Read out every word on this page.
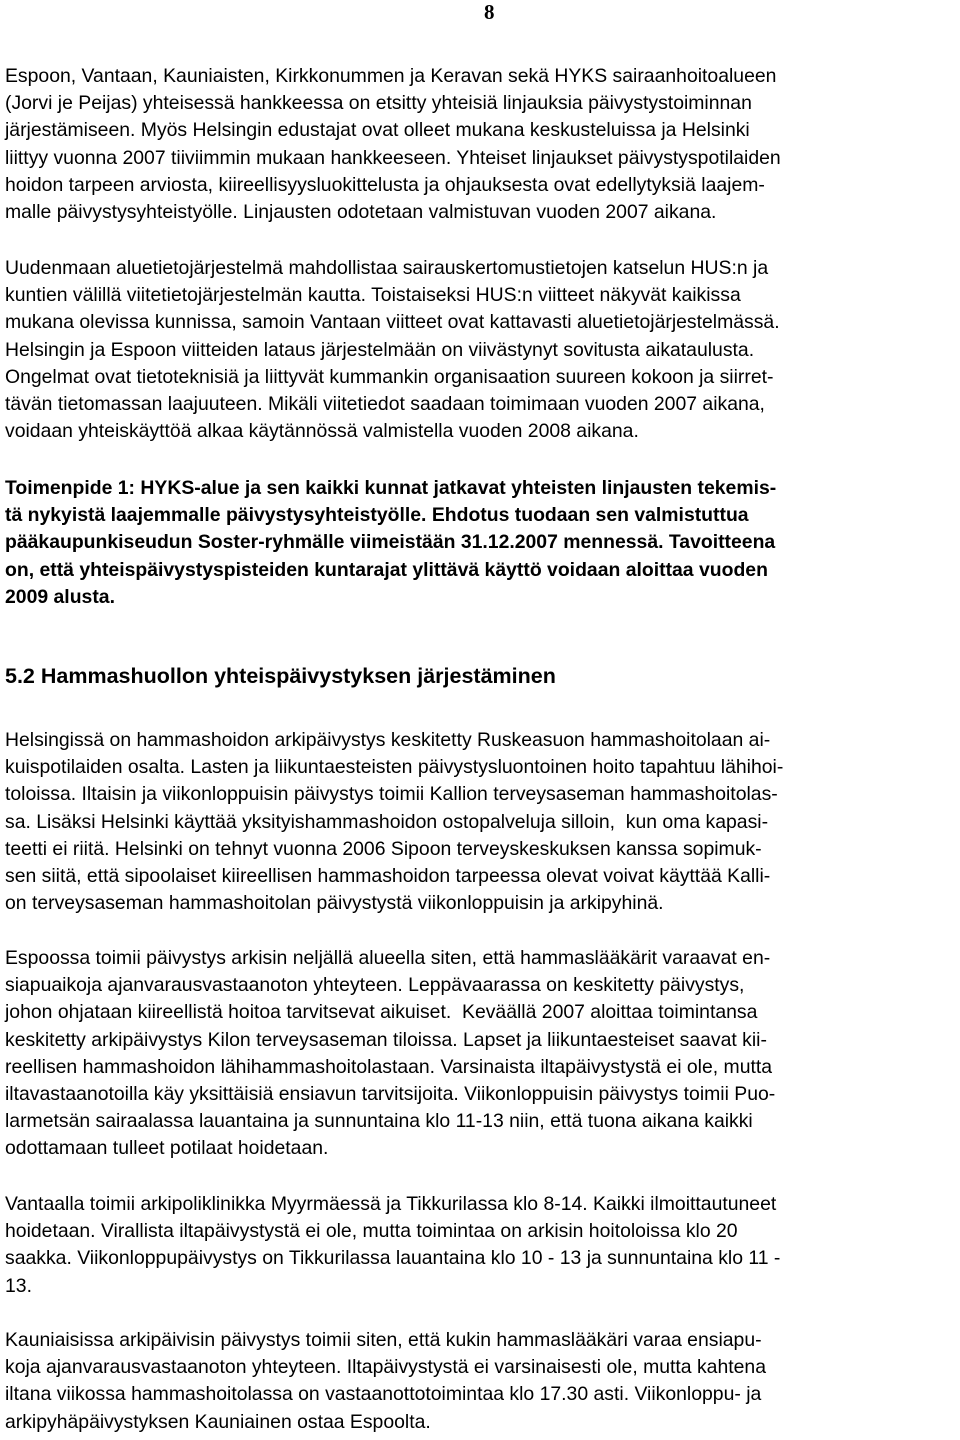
8
Espoon, Vantaan, Kauniaisten, Kirkkonummen ja Keravan sekä HYKS sairaanhoitoalueen
(Jorvi je Peijas) yhteisessä hankkeessa on etsitty yhteisiä linjauksia päivystystoiminnan
järjestämiseen. Myös Helsingin edustajat ovat olleet mukana keskusteluissa ja Helsinki
liittyy vuonna 2007 tiiviimmin mukaan hankkeeseen. Yhteiset linjaukset päivystyspotilaiden
hoidon tarpeen arviosta, kiireellisyysluokittelusta ja ohjauksesta ovat edellytyksiä laajem-
malle päivystysyhteistyölle. Linjausten odotetaan valmistuvan vuoden 2007 aikana.
Uudenmaan aluetietojärjestelmä mahdollistaa sairauskertomustietojen katselun HUS:n ja
kuntien välillä viitetietojärjestelmän kautta. Toistaiseksi HUS:n viitteet näkyvät kaikissa
mukana olevissa kunnissa, samoin Vantaan viitteet ovat kattavasti aluetietojärjestelmässä.
Helsingin ja Espoon viitteiden lataus järjestelmään on viivästynyt sovitusta aikataulusta.
Ongelmat ovat tietoteknisiä ja liittyvät kummankin organisaation suureen kokoon ja siirret-
tävän tietomassan laajuuteen. Mikäli viitetiedot saadaan toimimaan vuoden 2007 aikana,
voidaan yhteiskäyttöä alkaa käytännössä valmistella vuoden 2008 aikana.
Toimenpide 1: HYKS-alue ja sen kaikki kunnat jatkavat yhteisten linjausten tekemis-
tä nykyistä laajemmalle päivystysyhteistyölle. Ehdotus tuodaan sen valmistuttua
pääkaupunkiseudun Soster-ryhmälle viimeistään 31.12.2007 mennessä. Tavoitteena
on, että yhteispäivystyspisteiden kuntarajat ylittävä käyttö voidaan aloittaa vuoden
2009 alusta.
5.2 Hammashuollon yhteispäivystyksen järjestäminen
Helsingissä on hammashoidon arkipäivystys keskitetty Ruskeasuon hammashoitolaan ai-
kuispotilaiden osalta. Lasten ja liikuntaesteisten päivystysluontoinen hoito tapahtuu lähihoi-
toloissa. Iltaisin ja viikonloppuisin päivystys toimii Kallion terveysaseman hammashoitolas-
sa. Lisäksi Helsinki käyttää yksityishammashoidon ostopalveluja silloin,  kun oma kapasi-
teetti ei riitä. Helsinki on tehnyt vuonna 2006 Sipoon terveyskeskuksen kanssa sopimuk-
sen siitä, että sipoolaiset kiireellisen hammashoidon tarpeessa olevat voivat käyttää Kalli-
on terveysaseman hammashoitolan päivystystä viikonloppuisin ja arkipyhinä.
Espoossa toimii päivystys arkisin neljällä alueella siten, että hammaslääkärit varaavat en-
siapuaikoja ajanvarausvastaanoton yhteyteen. Leppävaarassa on keskitetty päivystys,
johon ohjataan kiireellistä hoitoa tarvitsevat aikuiset.  Keväällä 2007 aloittaa toimintansa
keskitetty arkipäivystys Kilon terveysaseman tiloissa. Lapset ja liikuntaesteiset saavat kii-
reellisen hammashoidon lähihammashoitolastaan. Varsinaista iltapäivystystä ei ole, mutta
iltavastaanotoilla käy yksittäisiä ensiavun tarvitsijoita. Viikonloppuisin päivystys toimii Puo-
larmetsän sairaalassa lauantaina ja sunnuntaina klo 11-13 niin, että tuona aikana kaikki
odottamaan tulleet potilaat hoidetaan.
Vantaalla toimii arkipoliklinikka Myyrmäessä ja Tikkurilassa klo 8-14. Kaikki ilmoittautuneet
hoidetaan. Virallista iltapäivystystä ei ole, mutta toimintaa on arkisin hoitoloissa klo 20
saakka. Viikonloppupäivystys on Tikkurilassa lauantaina klo 10 - 13 ja sunnuntaina klo 11 -
13.
Kauniaisissa arkipäivisin päivystys toimii siten, että kukin hammaslääkäri varaa ensiapu-
koja ajanvarausvastaanoton yhteyteen. Iltapäivystystä ei varsinaisesti ole, mutta kahtena
iltana viikossa hammashoitolassa on vastaanottotoimintaa klo 17.30 asti. Viikonloppu- ja
arkipyhäpäivystyksen Kauniainen ostaa Espoolta.
